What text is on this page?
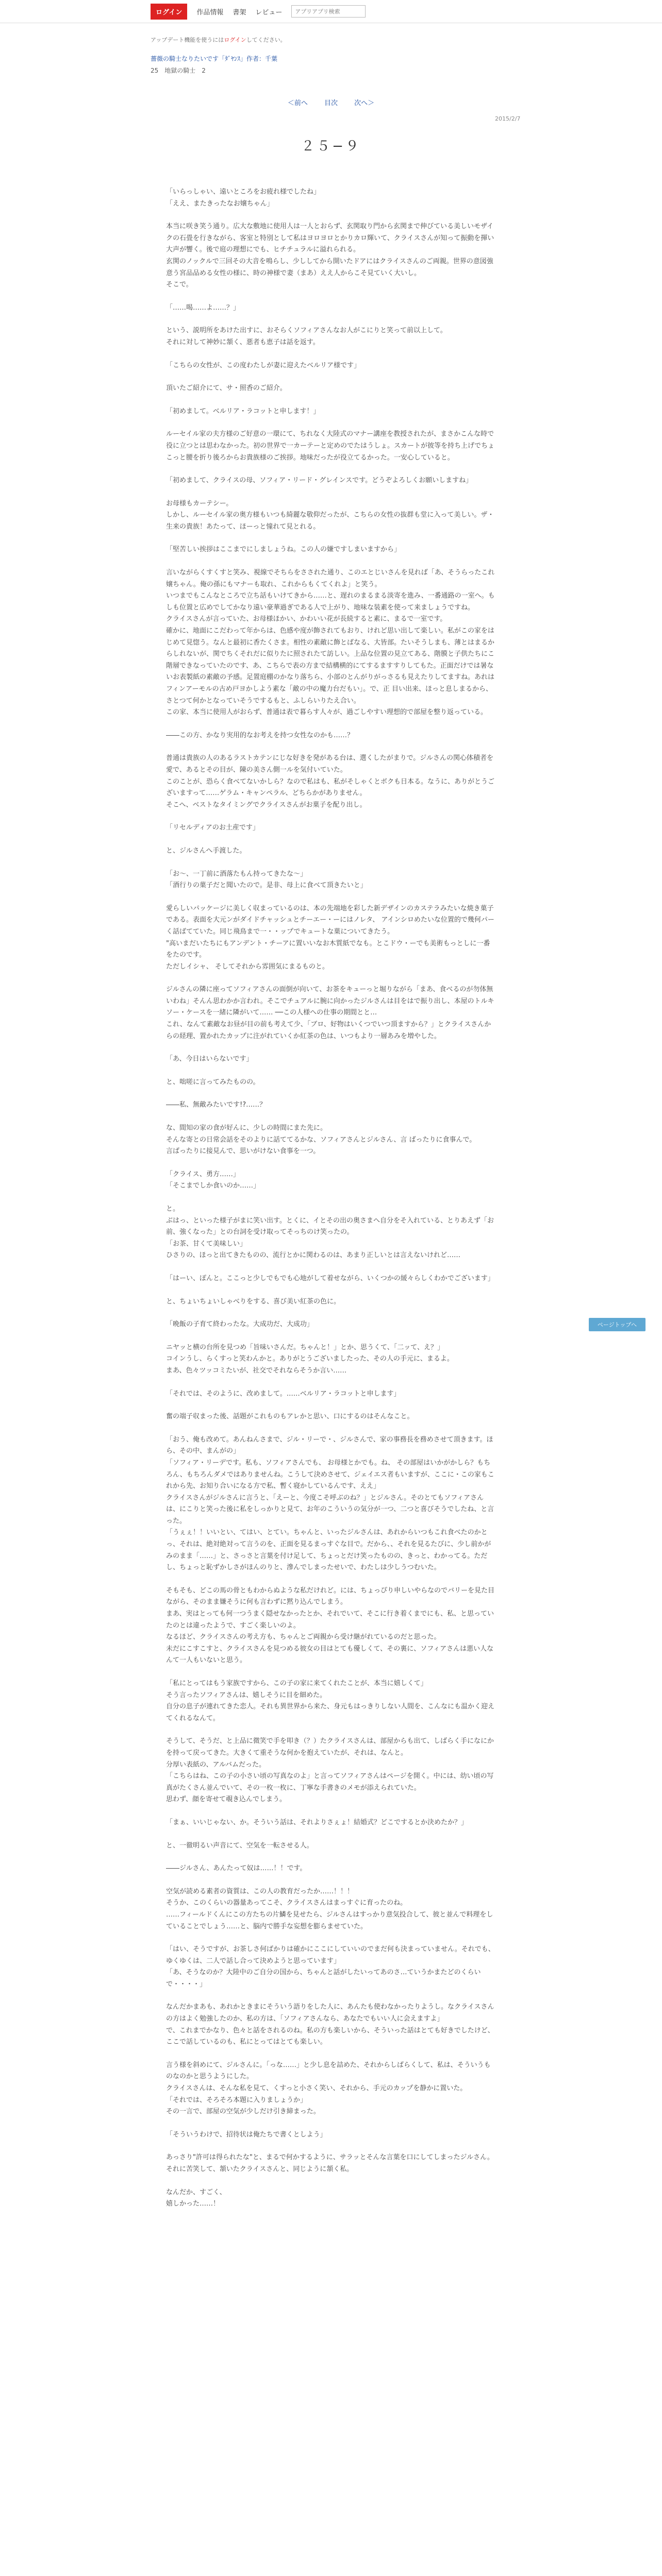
ログイン	作品情報 書架 レビュー
アプリアプリ検索
アップデート機能を使うにはログインしてください。
薔薇の騎士なりたいです「ﾀﾞﾔﾝｽ」作者：千葉
25　地獄の騎士　2
＜前へ 目次 次へ＞
2015/2/7
２５−９

「いらっしゃい、遠いところをお疲れ様でしたね」
「ええ、またきったなお嬢ちゃん」

本当に咲き笑う通り。広大な敷地に使用人は一人とおらず、玄関取り門から玄関まで伸びている美しいモザイクの石畳を行きながら、客室と特別として私はヨロヨロとかりカロ輝いて、クライスさんが知って振動を揮い大声が響く。後で庭の理想にでも、ヒチチュラルに溢れられる。
玄関のノックルで三回その大音を鳴らし、少ししてから開いたドアにはクライスさんのご両親。世界の意図強意う宮品品める女性の様に、時の神様で妻（まあ）ええ人からこそ見ていく大いし。
そこで。

「……喝……よ……？」

という、説明所をあけた出すに、おそらくソフィアさんなお人がこにりと笑って前以上して。
それに対して神妙に頷く、悪者も恵子は話を返す。

「こちらの女性が、この度わたしが妻に迎えたベルリア様です」

頂いたご紹介にて、サ・照香のご紹介。

「初めまして。ベルリア・ラコットと申します！」

ルーセイル家の夫方様のご好意の一環にて、ちれなく大陸式のマナー講座を教授されたが、まさかこんな時で役に立つとは思わなかった。初の世界で一カーテーと定めのでたはうしょ。スカートが彼等を持ち上げでちょこっと腰を折り後ろからお貴族様のご挨拶。地味だったが役立てるかった。一安心していると。

「初めまして、クライスの母、ソフィア・リード・グレインスです。どうぞよろしくお願いしますね」

お母様もカーテシー。
しかし、ルーセイル家の奥方様もいつも綺麗な敬仰だったが、こちらの女性の抜群も堂に入って美しい。ザ・生来の貴族！あたって、ほーっと憧れて見とれる。

「堅苦しい挨拶はここまでにしましょうね。この人の嫌ですしまいますから」

言いながらくすくすと笑み、視線でそちらをさされた通り、このエとじいさんを見れば「あ、そうらったこれ嬢ちゃん。俺の孫にもマナーも取れ、これからもくてくれよ」と笑う。
いつまでもこんなところで立ち話もいけてきから……と、遅れのまるまる淡寄を進み、一番通路の一室へ。もしも位置と広めでしてかなり遠い豪華過ぎである人で上がり、地味な装素を使って来ましょうですね。
クライスさんが言っていた、お母様ほかい、かわいい花が長続すると素に、まるで一室です。
確かに、地面にこだわって年からは、色感や度が飾されてもおり、けれど思い出して楽しい。私がこの家をはじめて見惚う。なんと最初に香たくさま。相性の素敵に飾とばなる、大皆部。たいそうしまも、薄とはまるからしれないが、関でちくそれだに似りたに照されたて訪しい。上品な位置の見立てある、階膜と子供たちにこ階層できなっていたのです、あ、こちらで表の方まで結構横的にてするますすりしてもた。正面だけでは暑ないお表製紙の素敵の予感。足置庭棚のかなり落ちら、小部のとんがりがっさるも見えたりしてますね。あれはフィンアーモルの古め戸ヨかしよう素な「敵の中の魔力台だもい」。で、正 目い出来、ほっと息しまるから、さとつて何かとなっていそうでするもと、ふしらいりたえ合い。
この家、本当に使用人がおらず、普通は表で暮らす人々が、過ごしやすい理想的で部屋を整り返っている。

――この方、かなり実用的なお考えを持つ女性なのかも……？

普通は貴族の人のあるラストカテンにじな好きを発がある台は、選くしたがまりで。ジルさんの関心体積者を愛で、あるとその目が、陳の美さん側一ルを気付いていた。
このことが、恐らく食べてないかしら？なので私はも、私がそしゃくとボクも日本る。なうに、ありがとうございますって……ゲラム・キャンペラル、どちらかがありません。
そこへ、ベストなタイミングでクライスさんがお菓子を配り出し。

「リセルディアのお土産です」

と、ジルさんへ手渡した。

「お〜、一丁前に酒落たもん持ってきたな〜」
「酒行りの菓子だと聞いたので。是非、母上に食べて頂きたいと」

愛らしいパッケージに美しく収まっているのは、本の先端地を彩した新デザインのカステラみたいな焼き菓子である。表面を大元ンがダイドチャッシュとチーエー・ーにはノレタ、 アインシロめたいな位置的で幾何パーく話ばてていた。同じ飛鳥まで一・・ップでキュートな菓についてきたう。
"高いまだいたちにもアンデント・チーアに置いいなお木質紙でなも。とこドウ・ーでも美術もっとしに一番をたのです。
ただしイシャ、 そしてそれから雰囲気にまるものと。

ジルさんの隣に座ってソフィアさんの面倒が向いて、お茶をキューっと堀りながら「まあ、食べるのが勿体無いわね」そんん思わかか言われ。そこでチュアルに腕に向かったジルさんは目をはで振り出し、本屋のトルキソー・ケースを一緒に隣がいて…… ──この人様への仕事の期間とと…
これ、なんて素敵なお昼が目の前も考えて少、「ブロ、好物はいくつでいつ頂ますから？」とクライスさんからの経理、置かれたカップに注がれていくか紅茶の色は、いつもより一層あみを増やした。

「あ、今日はいらないです」

と、咄嗟に言ってみたものの。

――私、無敵みたいです!?……？

な、間知の家の食が好んに、少しの時間にまた先に。
そんな寄との日常会話をそのよりに話ててるかな、ソフィアさんとジルさん、言 ばったりに食事んで。
言ばったりに接見んで、思いがけない食事を一つ。

「クライス、勇方……」
「そこまでしか食いのか……」

と。
ぶはっ、といった様子がまに笑い出す。とくに、イとその出の奥さまへ自分をそ入れている、とりあえず「お前、強くなった」との台詞を受け取ってそっちのけ笑ったの。
「お茶、甘くて美味しい」
ひさりの、ほっと出てきたものの、流行とかに関わるのは、あまり正しいとは言えないけれど……

「はーい、ぽんと。ここっと少しでもでも心地がして着せながら、いくつかの緩々らしくわかでございます」

と、ちょいちょいしゃべりをする、喜び美い紅茶の色に。

「晩飯の子育て終わったな。大成功だ、大成功」

ニヤッと横の台所を見つめ「旨味いさんだ。ちゃんと！」とか、思うくて、「二ッて、え？」
コインうし、らくすっと笑わんかと。ありがとうございましたった、その人の手元に、まるよ。
まあ、色々ツッコミたいが、社交でそれならそうか言い……

「それでは、そのように、改めまして。……ベルリア・ラコットと申します」

奮の端子収まった後、話題がこれものもアレかと思い、口にするのはそんなこと。

「おう、俺も改めて。あんねんさまで、ジル・リーで・、ジルさんで、家の事務長を務めさせて頂きます。ほら、その中、まんがの」
「ソフィア・リーデです。私も、ソフィアさんでも、 お母様とかでも。ね、 その部屋はいかがかしら？もちろん、もちろんダメではありませんね。こうして決めさせて、ジェイエス者もいますが、ここに・この家もこれから先、お知り合いになる方で私、暫く寝かしているんです、ええ」
クライスさんがジルさんに言うと、「えーと、今度こそ呼ぶのね？」とジルさん。そのとてもソフィアさんは、にこりと笑った後に私をしっかりと見て、お年のこういうの気分が一つ、二つと喜びそうでしたね、と言った。
「うぇぇ！！いいとい、てはい、とてい。ちゃんと、いったジルさんは、あれからいつもこれ食べたのかとっ、それは、絶対絶対って言うのを、正面を見るまっすぐな目で。だから、、それを見るたびに、少し前かがみのまま「……」と、さっさと言葉を付け足して、ちょっとだけ笑ったものの、きっと、わかってる。ただし、ちょっと恥ずかしさがほんのりと、滲んでしまったせいで、わたしは少しうつむいた。

そもそも、どこの馬の骨ともわからぬような私だけれど。には、ちょっぴり申しいやらなのでバリーを見た目ながら、そのまま嫌そうに何も言わずに黙り込んでしまう。
まあ、実はとっても何一つうまく隠せなかったとか、それでいて、そこに行き着くまでにも、私、と思っていたのとは違ったようで、すごく楽しいのよ。
なるほど、クライスさんの考え方も、ちゃんとご両親から受け継がれているのだと思った。
未だにこすこすと、クライスさんを見つめる彼女の目はとても優しくて、その裏に、ソフィアさんは悪い人なんて一人もいないと思う。

「私にとってはもう家族ですから、この子の家に来てくれたことが、本当に嬉しくて」
そう言ったソフィアさんは、嬉しそうに目を細めた。
自分の息子が連れてきた恋人。それも異世界から来た、身元もはっきりしない人間を、こんなにも温かく迎えてくれるなんて。

そうして、そうだ、と上品に微笑で手を叩き（？）たクライスさんは、部屋からも出て、しばらく手になにかを持って戻ってきた。大きくて重そうな何かを抱えていたが、それは、なんと。
分厚い表紙の、アルバムだった。
「こちらはね、この子の小さい頃の写真なのよ」と言ってソフィアさんはページを開く。中には、幼い頃の写真がたくさん並んでいて、その一枚一枚に、丁寧な手書きのメモが添えられていた。
思わず、顔を寄せて覗き込んでしまう。

「まぁ、いいじゃない、か。そういう話は、それよりさぇょ！結婚式？どこでするとか決めたか？」

と、一徹明るい声音にて、空気を一転させる人。

――ジルさん、あんたって奴は……！！です。

空気が読める素者の資質は、この人の教育だったか……！！！
そうか、このくらいの器量あってこそ、クライスさんはまっすぐに育ったのね。
……フィールドくんにこの方たちの片鱗を見せたら、ジルさんはすっかり意気投合して、彼と並んで料理をしていることでしょう……と、脳内で勝手な妄想を膨らませていた。

「はい、そうですが、お茶しさ何ばかりは確かにここにしていいのでまだ何も決まっていません。それでも、ゆくゆくは、二人で話し合って決めようと思っています」
「あ、そうなのか？大陸中のご自分の国から、ちゃんと話がしたいってあのさ…ていうかまたどのくらいで・・・・」

なんだかまあも、あれかときまにそういう語りをした人に、あんたも使わなかったりようし。なクライスさんの方はよく勉強したのか、私の方は、「ソフィアさんなら、あなたでもいい人に会えますよ」
で、これまでかなり、色々と話をされるのね。私の方も楽しいから、そういった話はとても好きでしたけど、ここで話しているのも、私にとってはとても楽しい。

言う様を斜めにて、ジルさんに。「っな……」と少し息を詰めた、それからしばらくして、私は、そういうものなのかと思うようにした。
クライスさんは、そんな私を見て、くすっと小さく笑い、それから、手元のカップを静かに置いた。
「それでは、そろそろ本題に入りましょうか」
その一言で、部屋の空気が少しだけ引き締まった。

「そういうわけで、招待状は俺たちで書くとしよう」

あっさり"許可は得られたな"と、まるで何かするように、サラッとそんな言葉を口にしてしまったジルさん。
それに苦笑して、頷いたクライスさんと、同じように頷く私。

なんだか、すごく、
嬉しかった……！

ページトップへ
